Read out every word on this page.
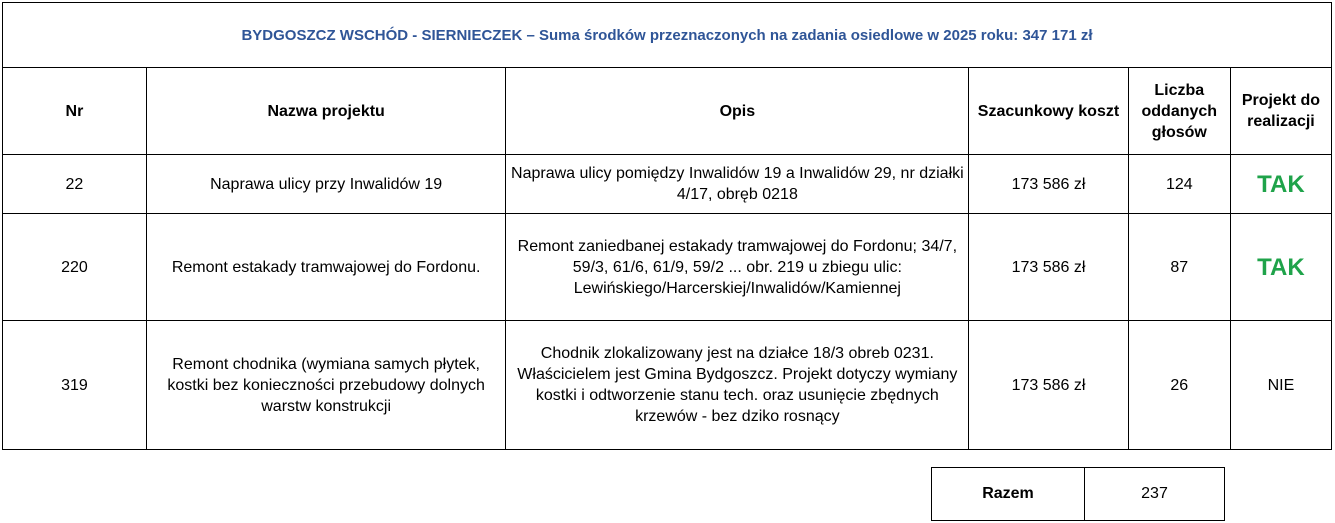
BYDGOSZCZ WSCHÓD - SIERNIECZEK – Suma środków przeznaczonych na zadania osiedlowe w 2025 roku: 347 171 zł
Nr	Nazwa projektu	Opis	Szacunkowy koszt	Liczba oddanych głosów	Projekt do realizacji
22	Naprawa ulicy przy Inwalidów 19	Naprawa ulicy pomiędzy Inwalidów 19 a Inwalidów 29, nr działki 4/17, obręb 0218	173 586 zł	124	TAK
220	Remont estakady tramwajowej do Fordonu.	Remont zaniedbanej estakady tramwajowej do Fordonu; 34/7, 59/3, 61/6, 61/9, 59/2 ... obr. 219 u zbiegu ulic: Lewińskiego/Harcerskiej/Inwalidów/Kamiennej	173 586 zł	87	TAK
319	Remont chodnika (wymiana samych płytek, kostki bez konieczności przebudowy dolnych warstw konstrukcji	Chodnik zlokalizowany jest na działce 18/3 obreb 0231. Właścicielem jest Gmina Bydgoszcz. Projekt dotyczy wymiany kostki i odtworzenie stanu tech. oraz usunięcie zbędnych krzewów - bez dziko rosnący	173 586 zł	26	NIE
Razem	237
